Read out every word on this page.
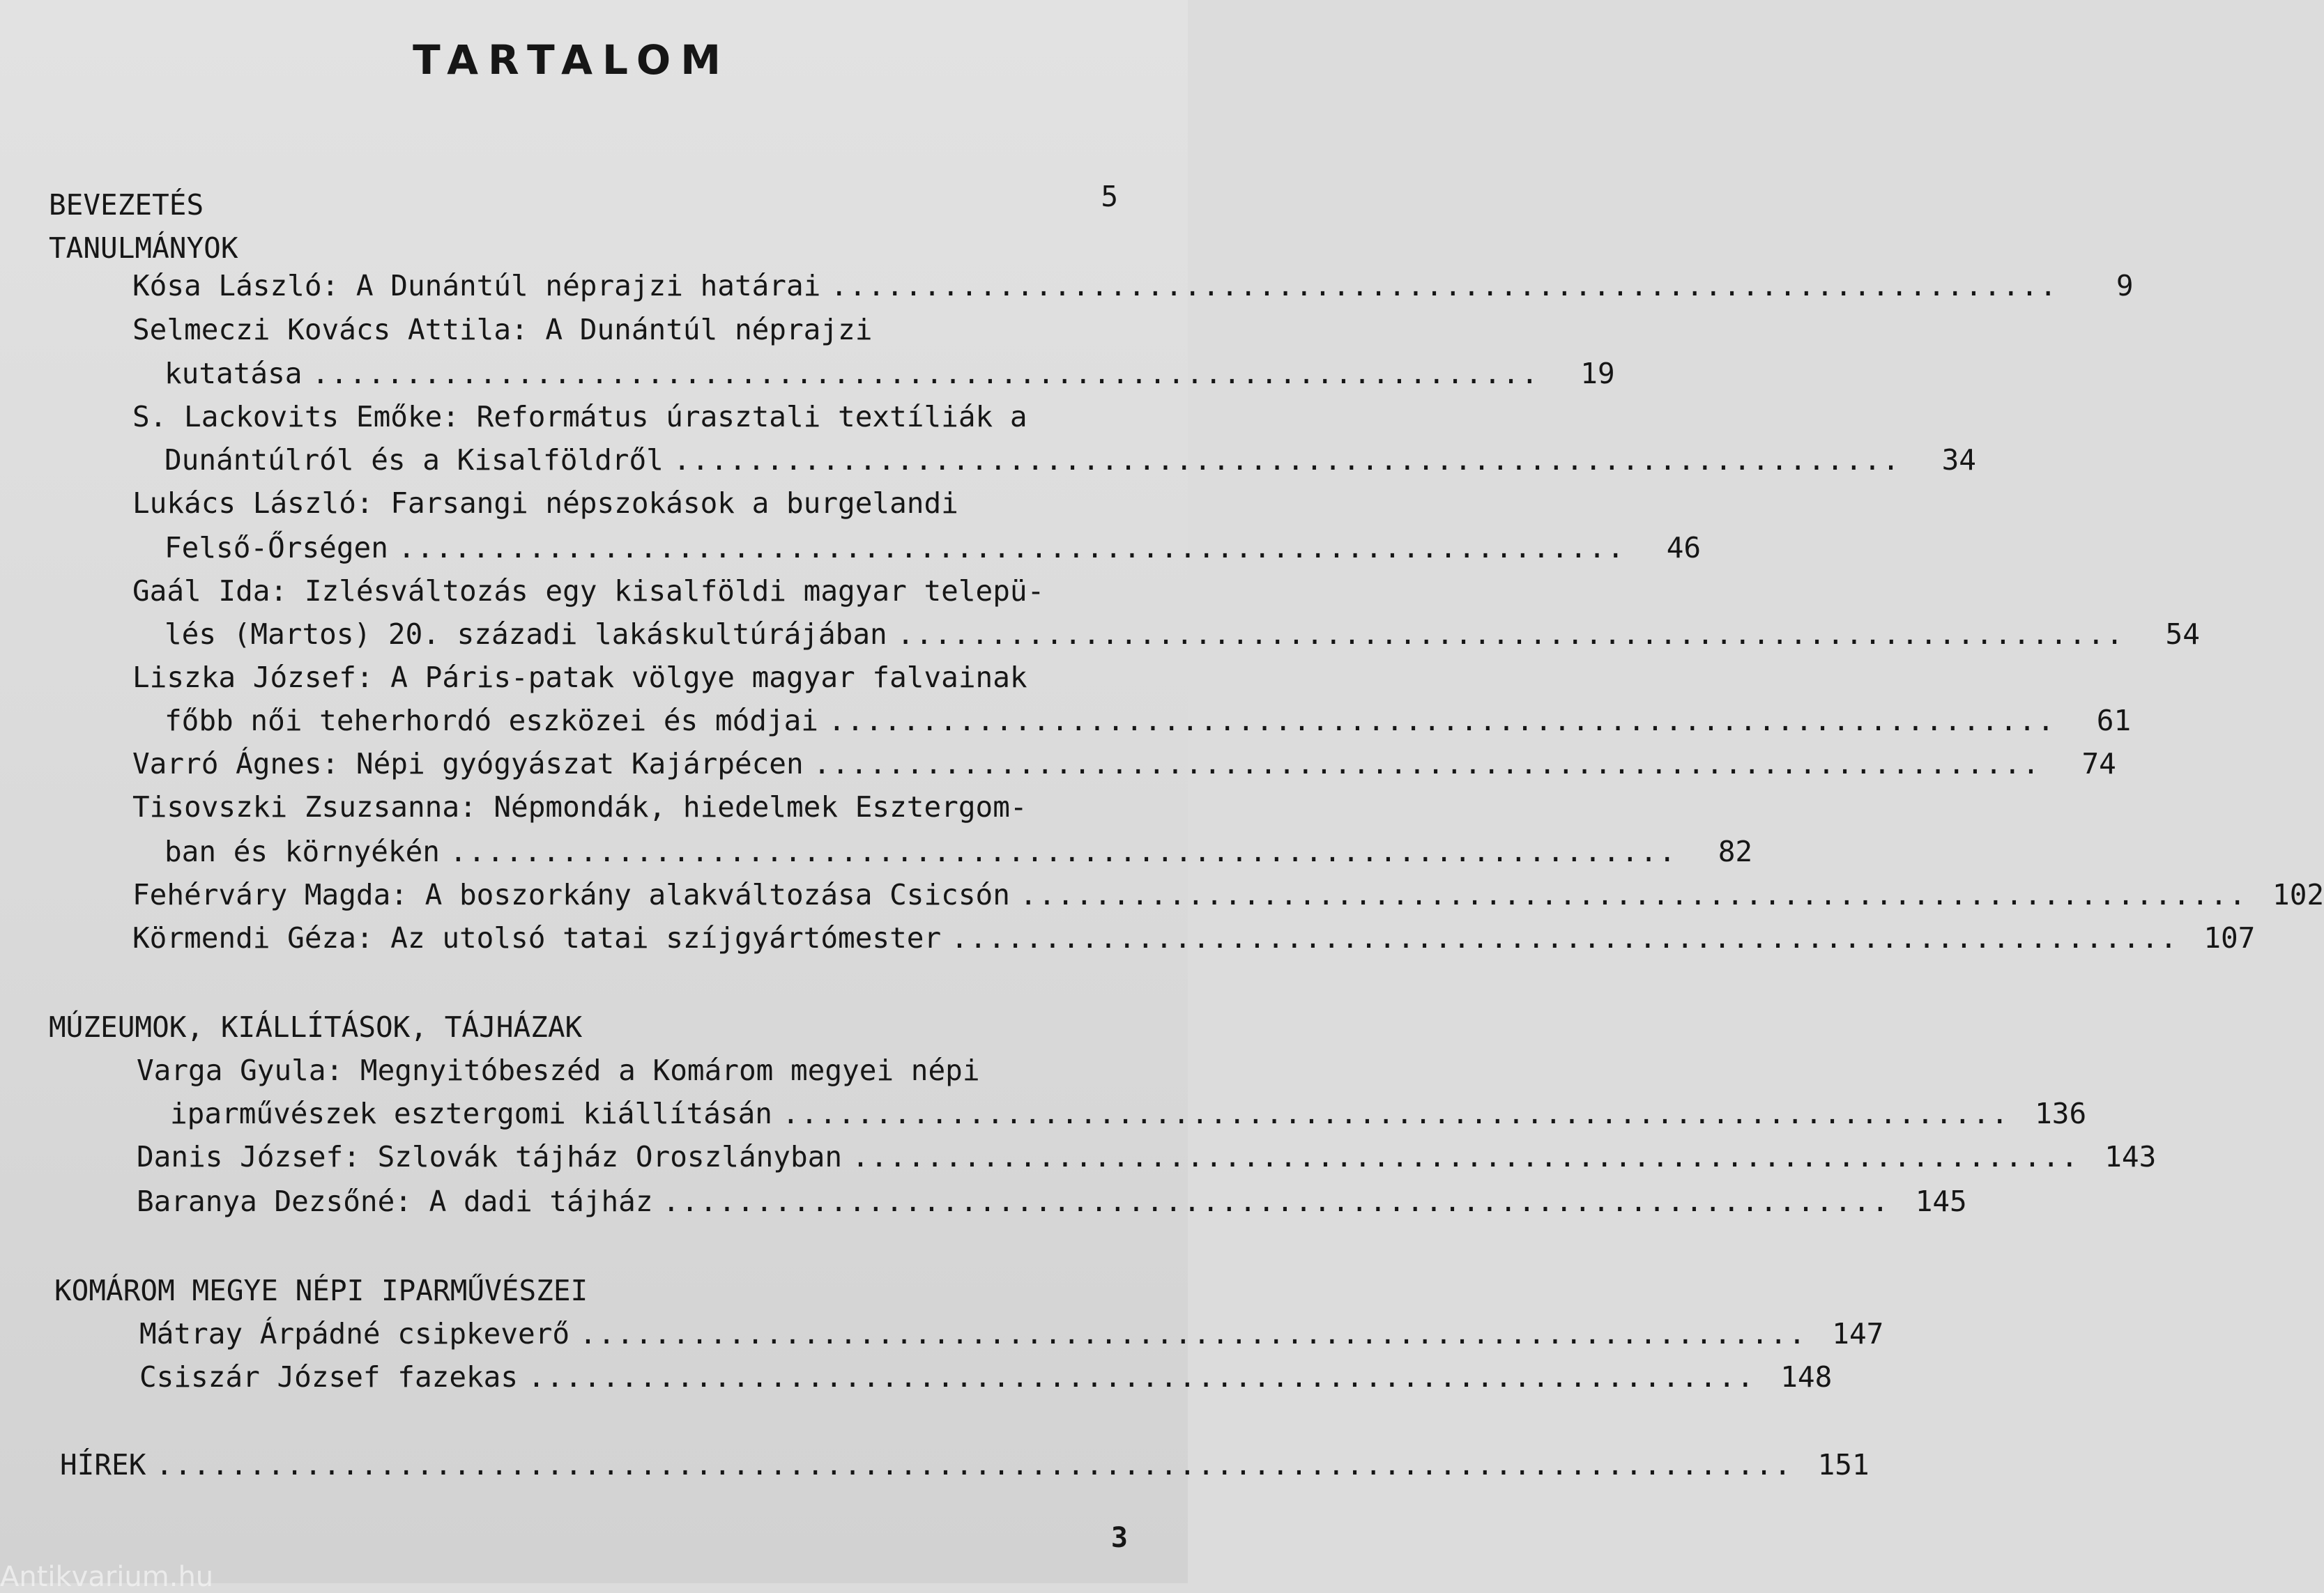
TARTALOM
BEVEZETÉS	5
TANULMÁNYOK
Kósa László: A Dunántúl néprajzi határai ..................................................................	9
Selmeczi Kovács Attila: A Dunántúl néprajzi
kutatása ..................................................................	19
S. Lackovits Emőke: Református úrasztali textíliák a
Dunántúlról és a Kisalföldről ..................................................................	34
Lukács László: Farsangi népszokások a burgelandi
Felső-Őrségen ..................................................................	46
Gaál Ida: Izlésváltozás egy kisalföldi magyar telepü-
lés (Martos) 20. századi lakáskultúrájában ..................................................................	54
Liszka József: A Páris-patak völgye magyar falvainak
főbb női teherhordó eszközei és módjai ..................................................................	61
Varró Ágnes: Népi gyógyászat Kajárpécen ..................................................................	74
Tisovszki Zsuzsanna: Népmondák, hiedelmek Esztergom-
ban és környékén ..................................................................	82
Fehérváry Magda: A boszorkány alakváltozása Csicsón .................................................................. 102
Körmendi Géza: Az utolsó tatai szíjgyártómester .................................................................. 107
MÚZEUMOK, KIÁLLÍTÁSOK, TÁJHÁZAK
Varga Gyula: Megnyitóbeszéd a Komárom megyei népi
iparművészek esztergomi kiállításán .................................................................. 136
Danis József: Szlovák tájház Oroszlányban .................................................................. 143
Baranya Dezsőné: A dadi tájház .................................................................. 145
KOMÁROM MEGYE NÉPI IPARMŰVÉSZEI
Mátray Árpádné csipkeverő .................................................................. 147
Csiszár József fazekas .................................................................. 148
HÍREK ........................................................................................ 151
3
Antikvarium.hu
